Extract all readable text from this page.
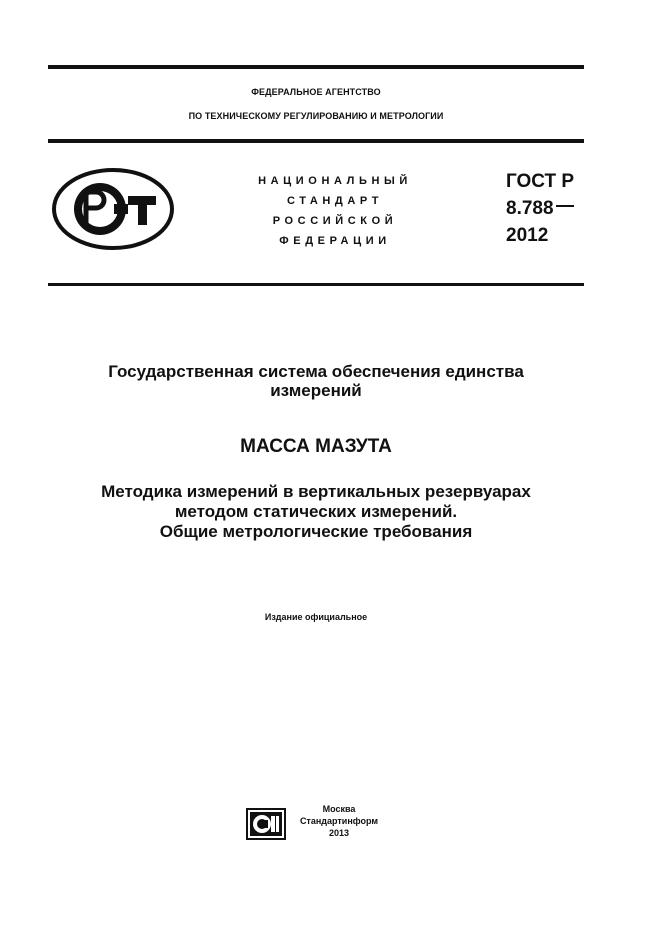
ФЕДЕРАЛЬНОЕ АГЕНТСТВО
ПО ТЕХНИЧЕСКОМУ РЕГУЛИРОВАНИЮ И МЕТРОЛОГИИ
НАЦИОНАЛЬНЫЙ
СТАНДАРТ
РОССИЙСКОЙ
ФЕДЕРАЦИИ
ГОСТ Р
8.788
2012
Государственная система обеспечения единства
измерений
МАССА МАЗУТА
Методика измерений в вертикальных резервуарах
методом статических измерений.
Общие метрологические требования
Издание официальное
Москва
Стандартинформ
2013
